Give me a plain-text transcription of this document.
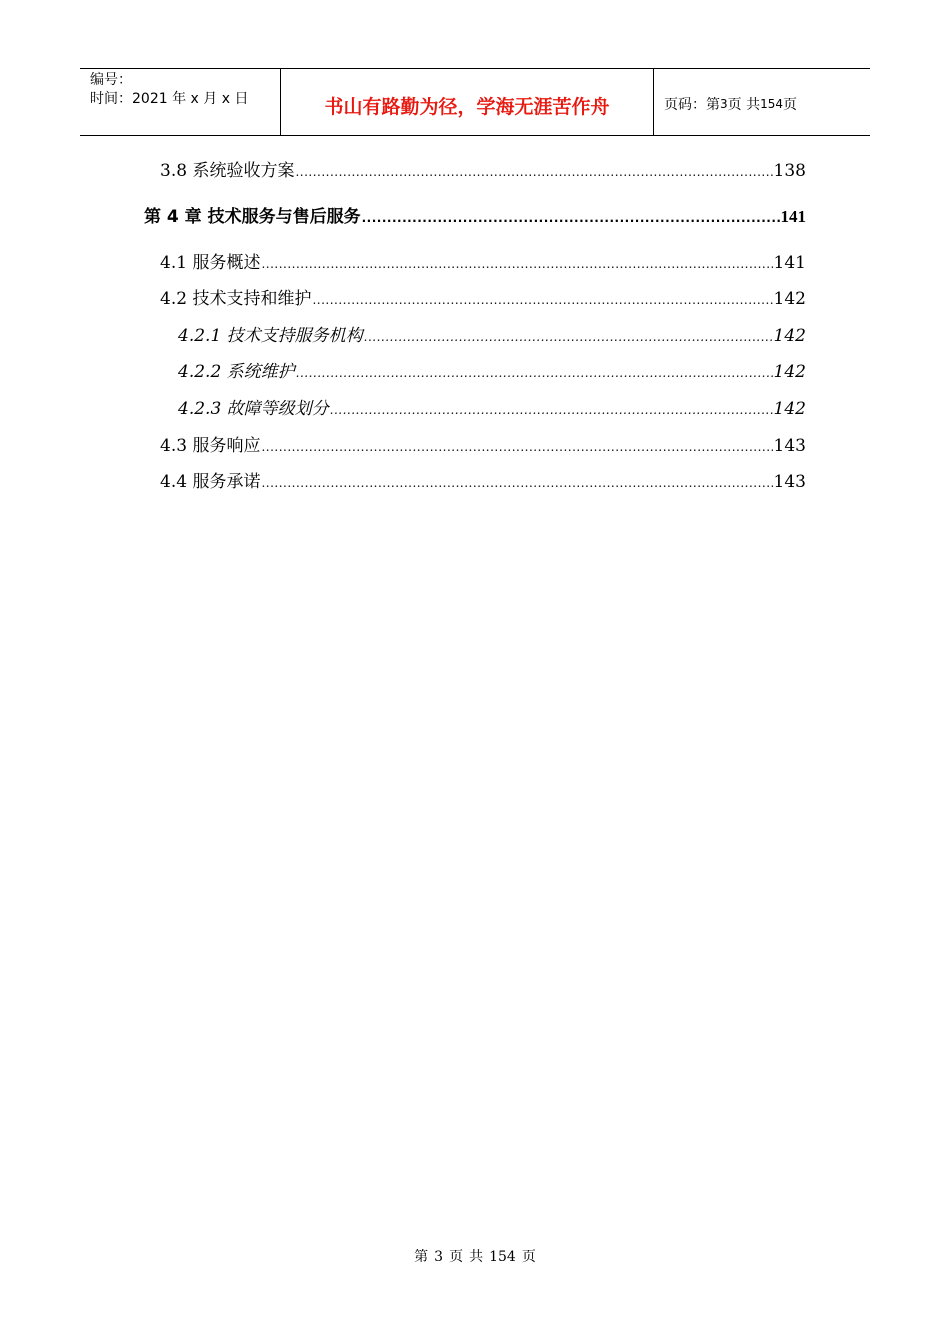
编号：
时间：2021 年 x 月 x 日	书山有路勤为径，学海无涯苦作舟	页码：第 3 页 共 154 页
3.8 系统验收方案 .....	138
第 4 章 技术服务与售后服务 .....	141
4.1 服务概述 .....	141
4.2 技术支持和维护 .....	142
4.2.1 技术支持服务机构 .....	142
4.2.2 系统维护 .....	142
4.2.3 故障等级划分 .....	142
4.3 服务响应 .....	143
4.4 服务承诺 .....	143
第 3 页 共 154 页
